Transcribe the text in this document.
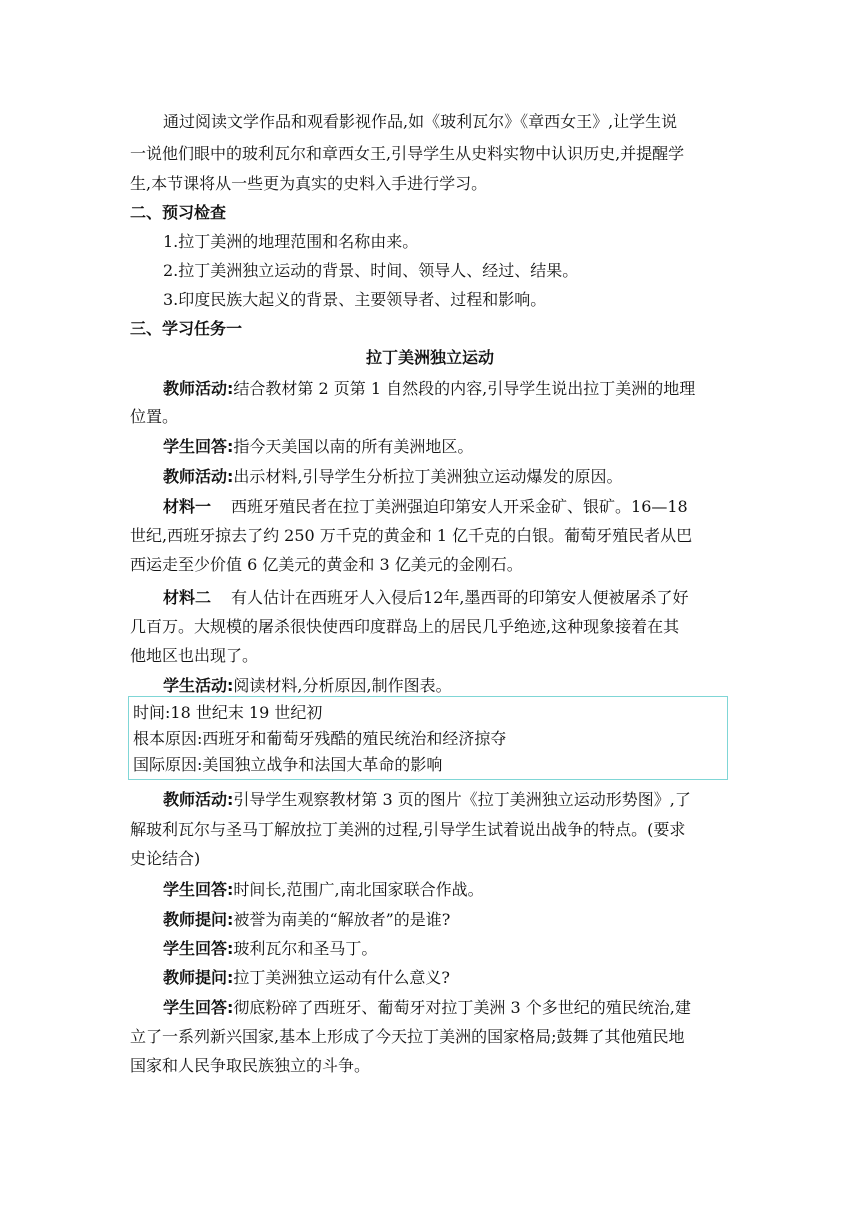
通过阅读文学作品和观看影视作品,如《玻利瓦尔》《章西女王》,让学生说
一说他们眼中的玻利瓦尔和章西女王,引导学生从史料实物中认识历史,并提醒学
生,本节课将从一些更为真实的史料入手进行学习。
二、预习检查
1.拉丁美洲的地理范围和名称由来。
2.拉丁美洲独立运动的背景、时间、领导人、经过、结果。
3.印度民族大起义的背景、主要领导者、过程和影响。
三、学习任务一
拉丁美洲独立运动
教师活动:结合教材第 2 页第 1 自然段的内容,引导学生说出拉丁美洲的地理
位置。
学生回答:指今天美国以南的所有美洲地区。
教师活动:出示材料,引导学生分析拉丁美洲独立运动爆发的原因。
材料一 西班牙殖民者在拉丁美洲强迫印第安人开采金矿、银矿。16—18
世纪,西班牙掠去了约 250 万千克的黄金和 1 亿千克的白银。葡萄牙殖民者从巴
西运走至少价值 6 亿美元的黄金和 3 亿美元的金刚石。
材料二 有人估计在西班牙人入侵后12年,墨西哥的印第安人便被屠杀了好
几百万。大规模的屠杀很快使西印度群岛上的居民几乎绝迹,这种现象接着在其
他地区也出现了。
学生活动:阅读材料,分析原因,制作图表。
时间:18 世纪末 19 世纪初
根本原因:西班牙和葡萄牙残酷的殖民统治和经济掠夺
国际原因:美国独立战争和法国大革命的影响
教师活动:引导学生观察教材第 3 页的图片《拉丁美洲独立运动形势图》,了
解玻利瓦尔与圣马丁解放拉丁美洲的过程,引导学生试着说出战争的特点。(要求
史论结合)
学生回答:时间长,范围广,南北国家联合作战。
教师提问:被誉为南美的“解放者”的是谁?
学生回答:玻利瓦尔和圣马丁。
教师提问:拉丁美洲独立运动有什么意义?
学生回答:彻底粉碎了西班牙、葡萄牙对拉丁美洲 3 个多世纪的殖民统治,建
立了一系列新兴国家,基本上形成了今天拉丁美洲的国家格局;鼓舞了其他殖民地
国家和人民争取民族独立的斗争。
